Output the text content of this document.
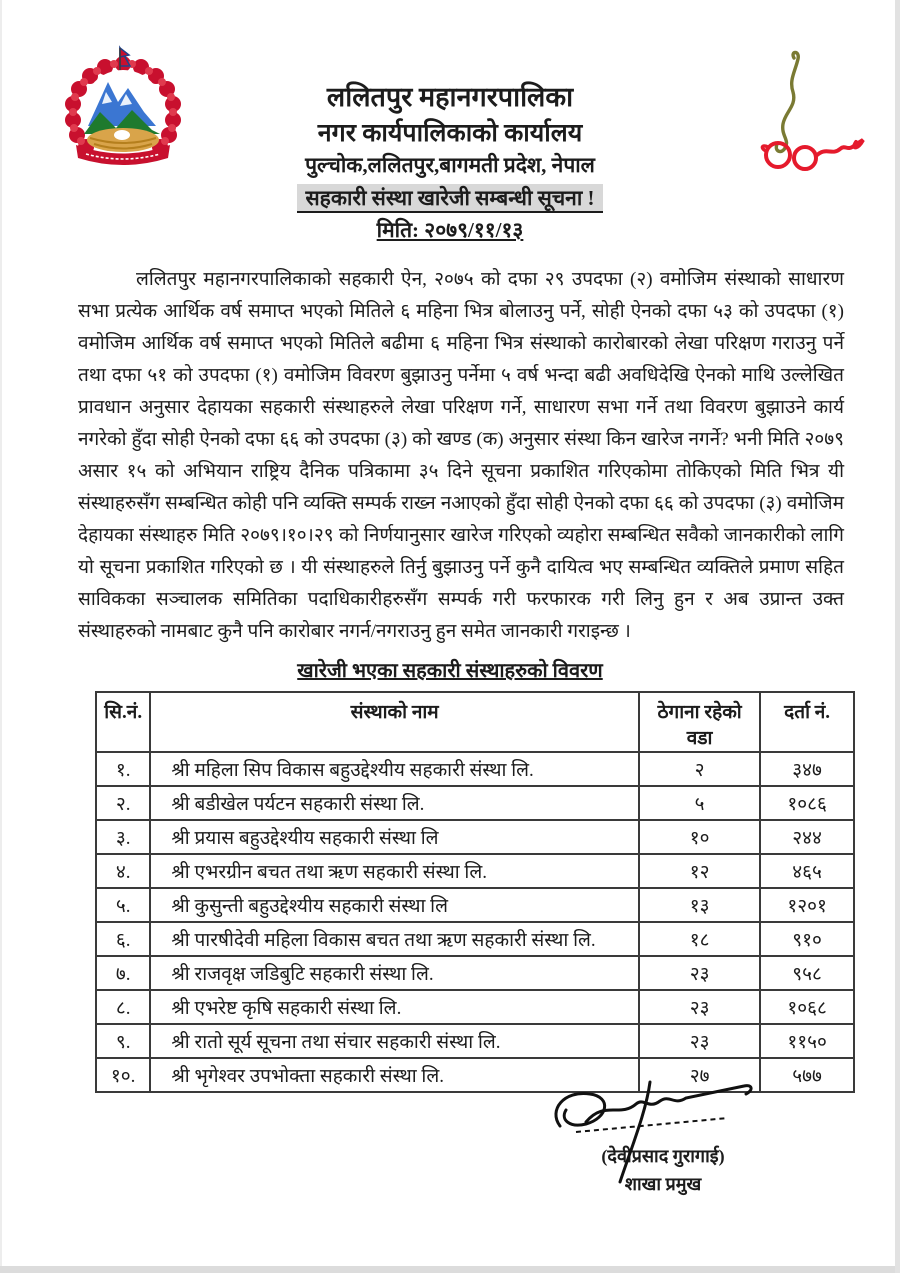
ललितपुर महानगरपालिका
नगर कार्यपालिकाको कार्यालय
पुल्चोक,ललितपुर,बागमती प्रदेश, नेपाल
सहकारी संस्था खारेजी सम्बन्धी सूचना !
मिति: २०७९/११/१३

ललितपुर महानगरपालिकाको सहकारी ऐन, २०७५ को दफा २९ उपदफा (२) वमोजिम संस्थाको साधारण सभा प्रत्येक आर्थिक वर्ष समाप्त भएको मितिले ६ महिना भित्र बोलाउनु पर्ने, सोही ऐनको दफा ५३ को उपदफा (१) वमोजिम आर्थिक वर्ष समाप्त भएको मितिले बढीमा ६ महिना भित्र संस्थाको कारोबारको लेखा परिक्षण गराउनु पर्ने तथा दफा ५१ को उपदफा (१) वमोजिम विवरण बुझाउनु पर्नेमा ५ वर्ष भन्दा बढी अवधिदेखि ऐनको माथि उल्लेखित प्रावधान अनुसार देहायका सहकारी संस्थाहरुले लेखा परिक्षण गर्ने, साधारण सभा गर्ने तथा विवरण बुझाउने कार्य नगरेको हुँदा सोही ऐनको दफा ६६ को उपदफा (३) को खण्ड (क) अनुसार संस्था किन खारेज नगर्ने? भनी मिति २०७९ असार १५ को अभियान राष्ट्रिय दैनिक पत्रिकामा ३५ दिने सूचना प्रकाशित गरिएकोमा तोकिएको मिति भित्र यी संस्थाहरुसँग सम्बन्धित कोही पनि व्यक्ति सम्पर्क राख्न नआएको हुँदा सोही ऐनको दफा ६६ को उपदफा (३) वमोजिम देहायका संस्थाहरु मिति २०७९।१०।२९ को निर्णयानुसार खारेज गरिएको व्यहोरा सम्बन्धित सवैको जानकारीको लागि यो सूचना प्रकाशित गरिएको छ । यी संस्थाहरुले तिर्नु बुझाउनु पर्ने कुनै दायित्व भए सम्बन्धित व्यक्तिले प्रमाण सहित साविकका सञ्चालक समितिका पदाधिकारीहरुसँग सम्पर्क गरी फरफारक गरी लिनु हुन र अब उप्रान्त उक्त संस्थाहरुको नामबाट कुनै पनि कारोबार नगर्न/नगराउनु हुन समेत जानकारी गराइन्छ ।

खारेजी भएका सहकारी संस्थाहरुको विवरण
सि.नं.	संस्थाको नाम	ठेगाना रहेको वडा	दर्ता नं.
१.	श्री महिला सिप विकास बहुउद्देश्यीय सहकारी संस्था लि.	२	३४७
२.	श्री बडीखेल पर्यटन सहकारी संस्था लि.	५	१०८६
३.	श्री प्रयास बहुउद्देश्यीय सहकारी संस्था लि	१०	२४४
४.	श्री एभरग्रीन बचत तथा ऋण सहकारी संस्था लि.	१२	४६५
५.	श्री कुसुन्ती बहुउद्देश्यीय सहकारी संस्था लि	१३	१२०१
६.	श्री पारषीदेवी महिला विकास बचत तथा ऋण सहकारी संस्था लि.	१८	९१०
७.	श्री राजवृक्ष जडिबुटि सहकारी संस्था लि.	२३	९५८
८.	श्री एभरेष्ट कृषि सहकारी संस्था लि.	२३	१०६८
९.	श्री रातो सूर्य सूचना तथा संचार सहकारी संस्था लि.	२३	११५०
१०.	श्री भृगेश्वर उपभोक्ता सहकारी संस्था लि.	२७	५७७
(देवीप्रसाद गुरागाई)
शाखा प्रमुख
